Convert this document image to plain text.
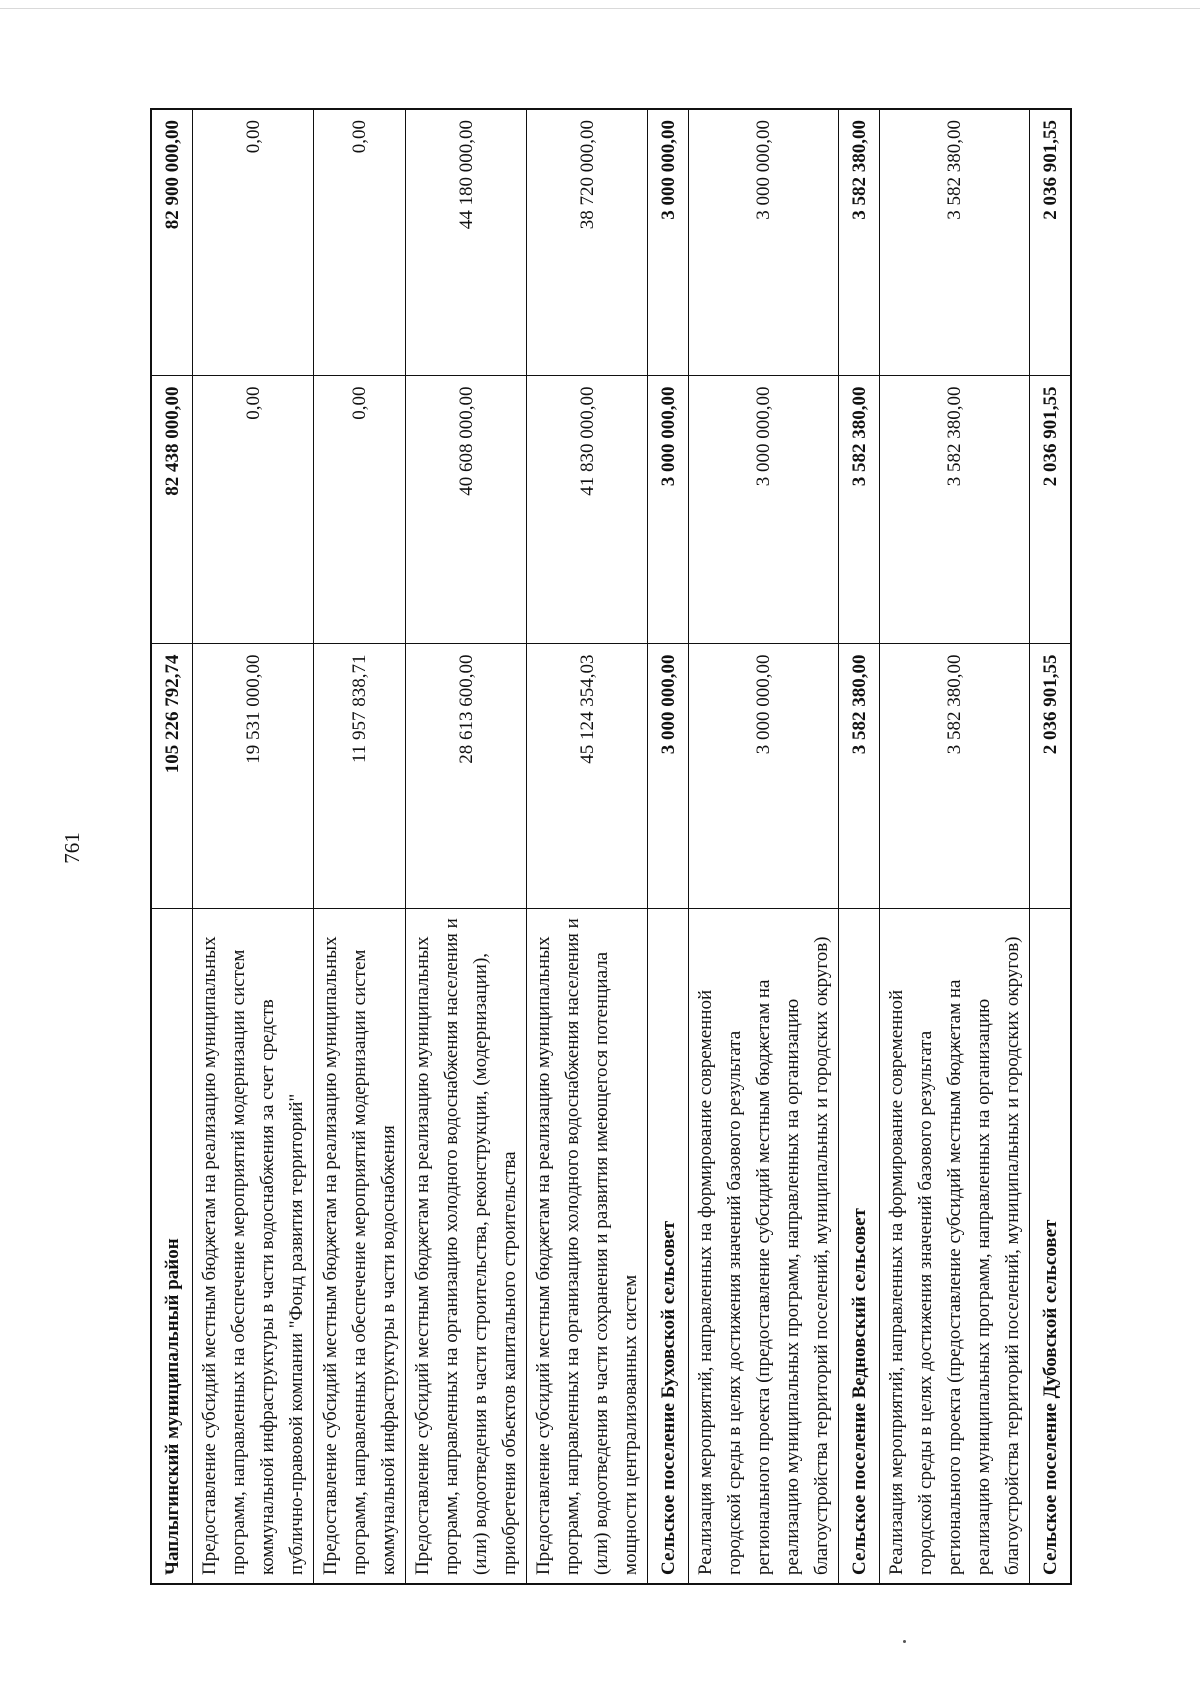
761
Чаплыгинский муниципальный район	105 226 792,74	82 438 000,00	82 900 000,00
Предоставление субсидий местным бюджетам на реализацию муниципальных программ, направленных на обеспечение мероприятий модернизации систем коммунальной инфраструктуры в части водоснабжения за счет средств публично-правовой компании "Фонд развития территорий"	19 531 000,00	0,00	0,00
Предоставление субсидий местным бюджетам на реализацию муниципальных программ, направленных на обеспечение мероприятий модернизации систем коммунальной инфраструктуры в части водоснабжения	11 957 838,71	0,00	0,00
Предоставление субсидий местным бюджетам на реализацию муниципальных программ, направленных на организацию холодного водоснабжения населения и (или) водоотведения в части строительства, реконструкции, (модернизации), приобретения объектов капитального строительства	28 613 600,00	40 608 000,00	44 180 000,00
Предоставление субсидий местным бюджетам на реализацию муниципальных программ, направленных на организацию холодного водоснабжения населения и (или) водоотведения в части сохранения и развития имеющегося потенциала мощности централизованных систем	45 124 354,03	41 830 000,00	38 720 000,00
Сельское поселение Буховской сельсовет	3 000 000,00	3 000 000,00	3 000 000,00
Реализация мероприятий, направленных на формирование современной городской среды в целях достижения значений базового результата регионального проекта (предоставление субсидий местным бюджетам на реализацию муниципальных программ, направленных на организацию благоустройства территорий поселений, муниципальных и городских округов)	3 000 000,00	3 000 000,00	3 000 000,00
Сельское поселение Ведновский сельсовет	3 582 380,00	3 582 380,00	3 582 380,00
Реализация мероприятий, направленных на формирование современной городской среды в целях достижения значений базового результата регионального проекта (предоставление субсидий местным бюджетам на реализацию муниципальных программ, направленных на организацию благоустройства территорий поселений, муниципальных и городских округов)	3 582 380,00	3 582 380,00	3 582 380,00
Сельское поселение Дубовской сельсовет	2 036 901,55	2 036 901,55	2 036 901,55
